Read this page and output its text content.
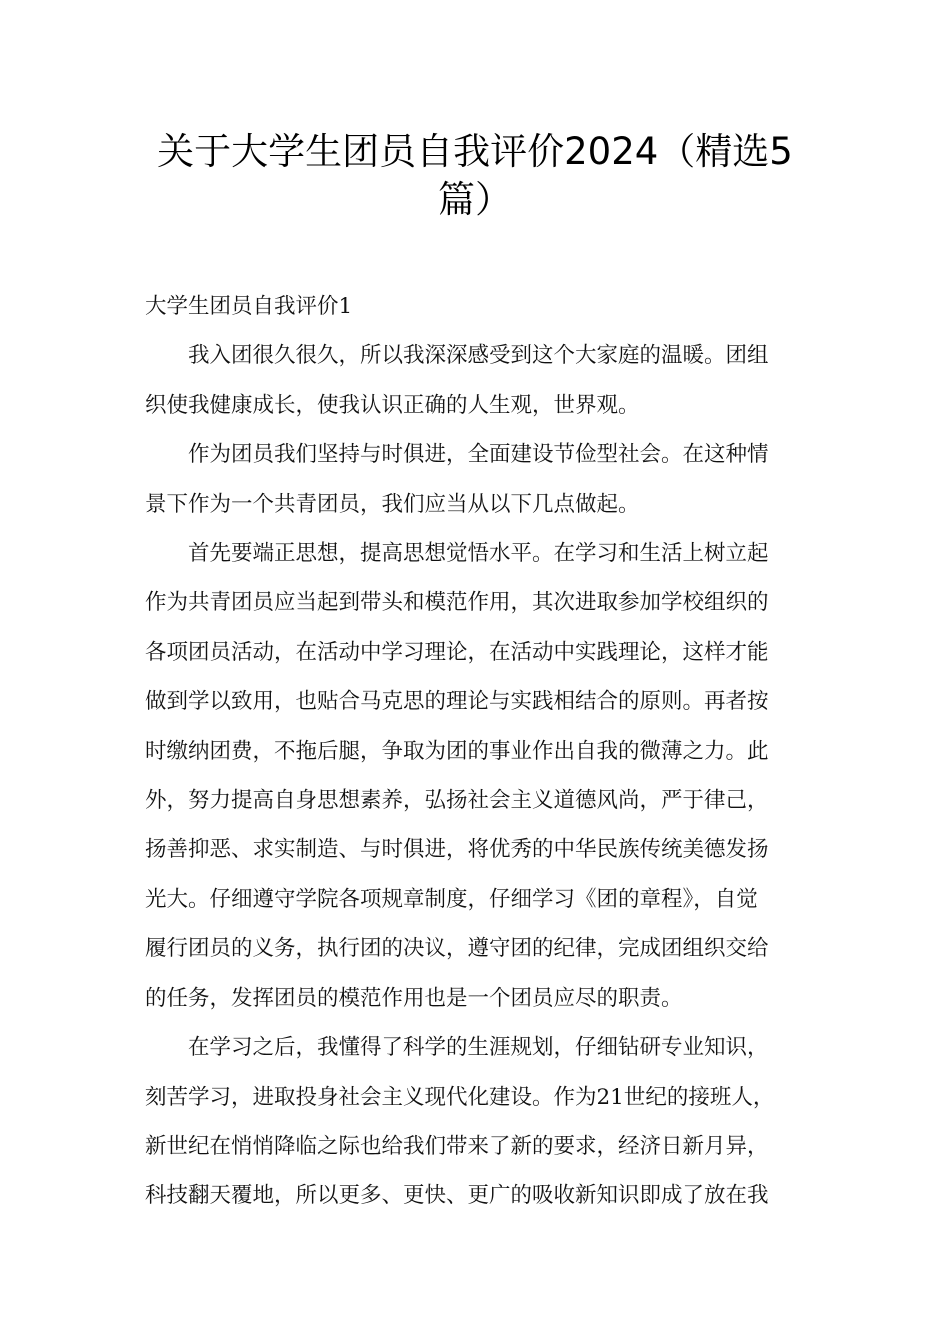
关于大学生团员自我评价2024（精选5
篇）
大学生团员自我评价1

我入团很久很久，所以我深深感受到这个大家庭的温暖。团组
织使我健康成长，使我认识正确的人生观，世界观。

作为团员我们坚持与时俱进，全面建设节俭型社会。在这种情
景下作为一个共青团员，我们应当从以下几点做起。

首先要端正思想，提高思想觉悟水平。在学习和生活上树立起
作为共青团员应当起到带头和模范作用，其次进取参加学校组织的
各项团员活动，在活动中学习理论，在活动中实践理论，这样才能
做到学以致用，也贴合马克思的理论与实践相结合的原则。再者按
时缴纳团费，不拖后腿，争取为团的事业作出自我的微薄之力。此
外，努力提高自身思想素养，弘扬社会主义道德风尚，严于律己，
扬善抑恶、求实制造、与时俱进，将优秀的中华民族传统美德发扬
光大。仔细遵守学院各项规章制度，仔细学习《团的章程》，自觉
履行团员的义务，执行团的决议，遵守团的纪律，完成团组织交给
的任务，发挥团员的模范作用也是一个团员应尽的职责。

在学习之后，我懂得了科学的生涯规划，仔细钻研专业知识，
刻苦学习，进取投身社会主义现代化建设。作为21世纪的接班人，
新世纪在悄悄降临之际也给我们带来了新的要求，经济日新月异，
科技翻天覆地，所以更多、更快、更广的吸收新知识即成了放在我
